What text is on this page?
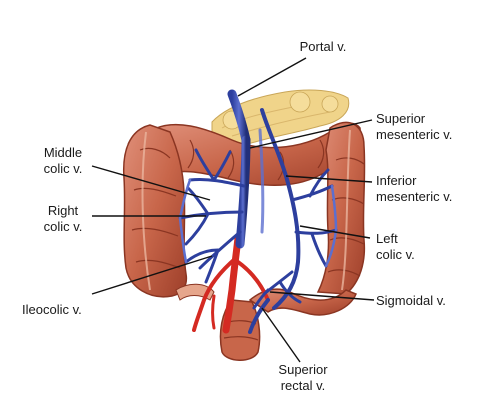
Portal v.
Superior
mesenteric v.
Inferior
mesenteric v.
Left
colic v.
Sigmoidal v.
Superior
rectal v.
Middle
colic v.
Right
colic v.
Ileocolic v.
